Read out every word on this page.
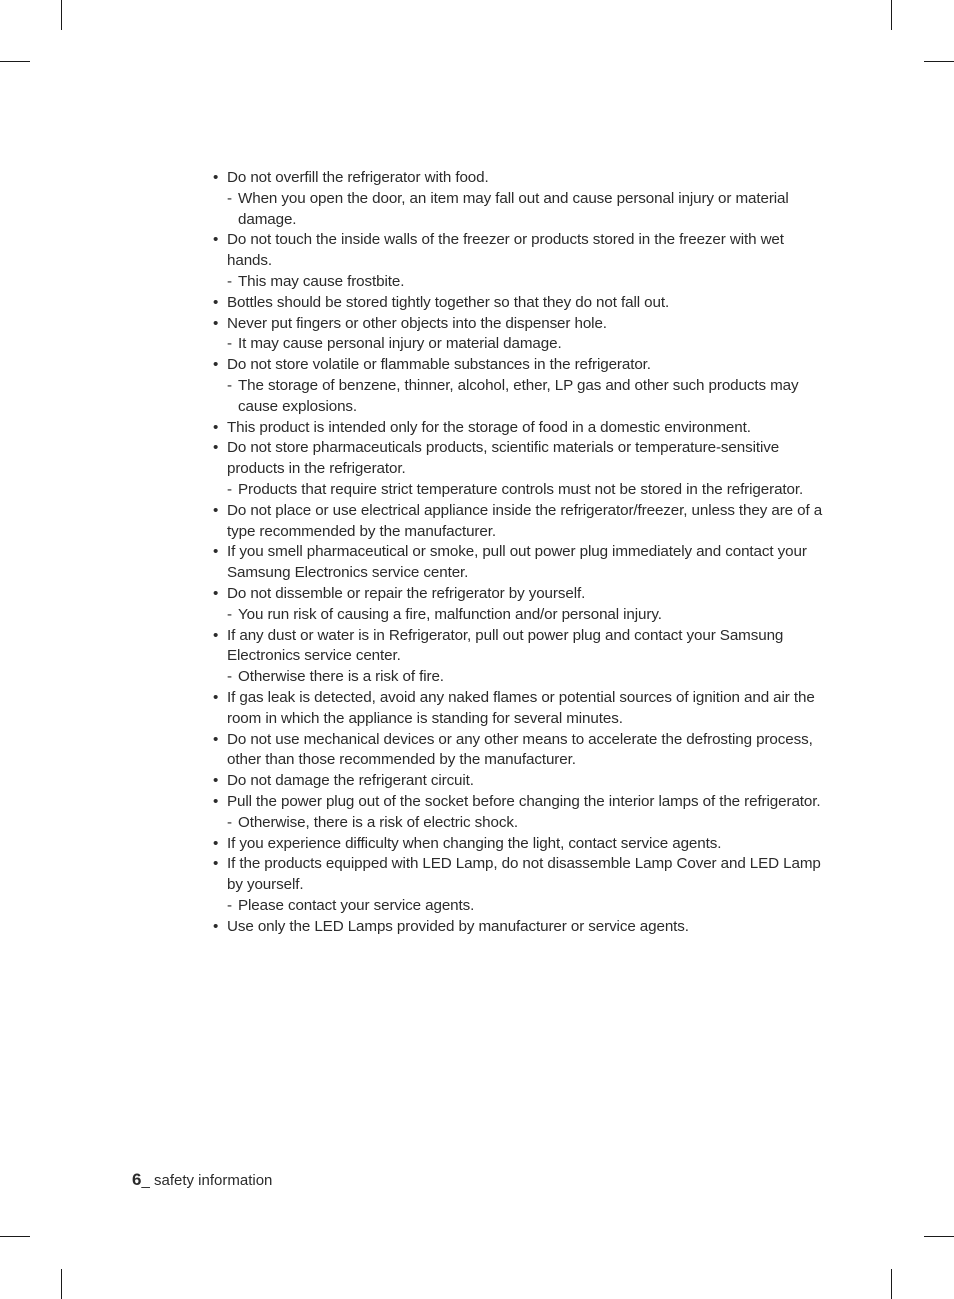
• Do not overfill the refrigerator with food.

- When you open the door, an item may fall out and cause personal injury or material damage.

• Do not touch the inside walls of the freezer or products stored in the freezer with wet hands.

- This may cause frostbite.

• Bottles should be stored tightly together so that they do not fall out.

• Never put fingers or other objects into the dispenser hole.

- It may cause personal injury or material damage.

• Do not store volatile or flammable substances in the refrigerator.

- The storage of benzene, thinner, alcohol, ether, LP gas and other such products may cause explosions.

• This product is intended only for the storage of food in a domestic environment.

• Do not store pharmaceuticals products, scientific materials or temperature-sensitive products in the refrigerator.

- Products that require strict temperature controls must not be stored in the refrigerator.

• Do not place or use electrical appliance inside the refrigerator/freezer, unless they are of a type recommended by the manufacturer.

• If you smell pharmaceutical or smoke, pull out power plug immediately and contact your Samsung Electronics service center.

• Do not dissemble or repair the refrigerator by yourself.

- You run risk of causing a fire, malfunction and/or personal injury.

• If any dust or water is in Refrigerator, pull out power plug and contact your Samsung Electronics service center.

- Otherwise there is a risk of fire.

• If gas leak is detected, avoid any naked flames or potential sources of ignition and air the room in which the appliance is standing for several minutes.

• Do not use mechanical devices or any other means to accelerate the defrosting process, other than those recommended by the manufacturer.

• Do not damage the refrigerant circuit.

• Pull the power plug out of the socket before changing the interior lamps of the refrigerator.

- Otherwise, there is a risk of electric shock.

• If you experience difficulty when changing the light, contact service agents.

• If the products equipped with LED Lamp, do not disassemble Lamp Cover and LED Lamp by yourself.

- Please contact your service agents.

• Use only the LED Lamps provided by manufacturer or service agents.

6_ safety information
